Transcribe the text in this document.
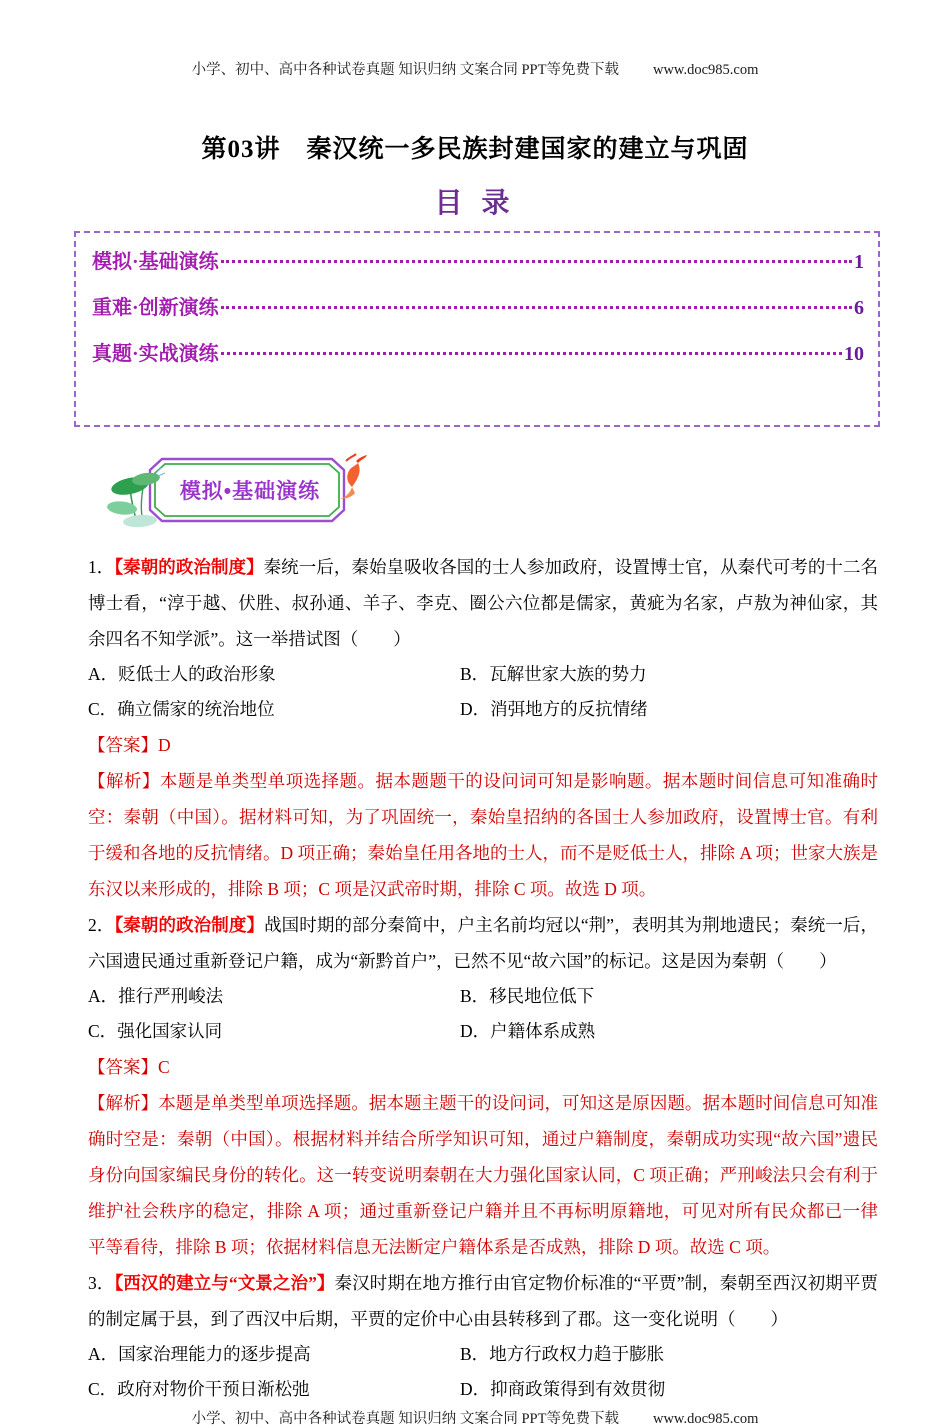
小学、初中、高中各种试卷真题 知识归纳 文案合同 PPT等免费下载 www.doc985.com
第03讲　秦汉统一多民族封建国家的建立与巩固
目 录
模拟·基础演练	1
重难·创新演练	6
真题·实战演练	10
模拟•基础演练

1．【秦朝的政治制度】秦统一后，秦始皇吸收各国的士人参加政府，设置博士官，从秦代可考的十二名博士看，“淳于越、伏胜、叔孙通、羊子、李克、圈公六位都是儒家，黄疵为名家，卢敖为神仙家，其余四名不知学派”。这一举措试图（　　）

A．贬低士人的政治形象	B．瓦解世家大族的势力
C．确立儒家的统治地位	D．消弭地方的反抗情绪

【答案】D

【解析】本题是单类型单项选择题。据本题题干的设问词可知是影响题。据本题时间信息可知准确时空：秦朝（中国）。据材料可知，为了巩固统一，秦始皇招纳的各国士人参加政府，设置博士官。有利于缓和各地的反抗情绪。D 项正确；秦始皇任用各地的士人，而不是贬低士人，排除 A 项；世家大族是东汉以来形成的，排除 B 项；C 项是汉武帝时期，排除 C 项。故选 D 项。

2．【秦朝的政治制度】战国时期的部分秦简中，户主名前均冠以“荆”，表明其为荆地遗民；秦统一后，六国遗民通过重新登记户籍，成为“新黔首户”，已然不见“故六国”的标记。这是因为秦朝（　　）

A．推行严刑峻法	B．移民地位低下
C．强化国家认同	D．户籍体系成熟

【答案】C

【解析】本题是单类型单项选择题。据本题主题干的设问词，可知这是原因题。据本题时间信息可知准确时空是：秦朝（中国）。根据材料并结合所学知识可知，通过户籍制度，秦朝成功实现“故六国”遗民身份向国家编民身份的转化。这一转变说明秦朝在大力强化国家认同，C 项正确；严刑峻法只会有利于维护社会秩序的稳定，排除 A 项；通过重新登记户籍并且不再标明原籍地，可见对所有民众都已一律平等看待，排除 B 项；依据材料信息无法断定户籍体系是否成熟，排除 D 项。故选 C 项。

3．【西汉的建立与“文景之治”】秦汉时期在地方推行由官定物价标准的“平贾”制，秦朝至西汉初期平贾的制定属于县，到了西汉中后期，平贾的定价中心由县转移到了郡。这一变化说明（　　）

A．国家治理能力的逐步提高	B．地方行政权力趋于膨胀
C．政府对物价干预日渐松弛	D．抑商政策得到有效贯彻
小学、初中、高中各种试卷真题 知识归纳 文案合同 PPT等免费下载 www.doc985.com
